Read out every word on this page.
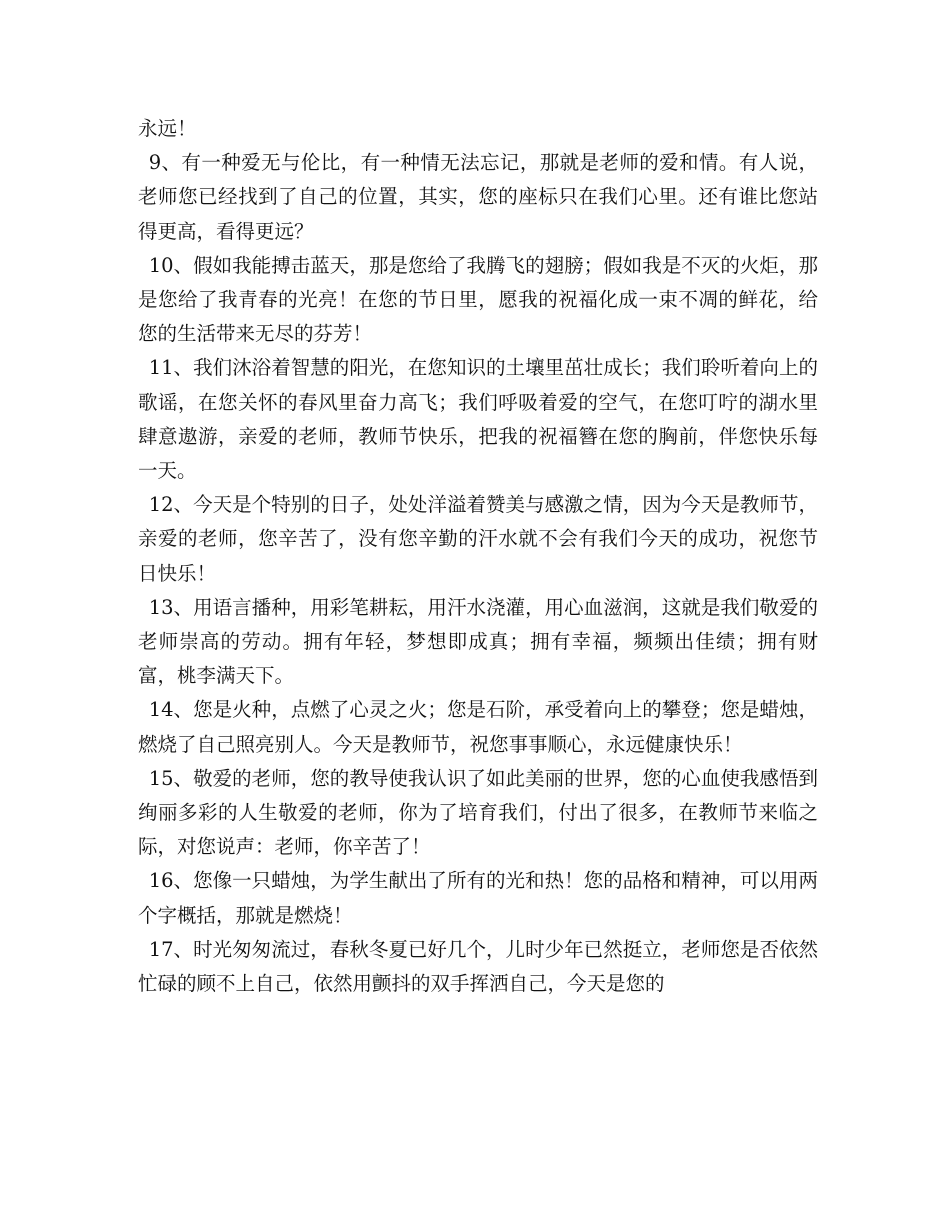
永远！

9、有一种爱无与伦比，有一种情无法忘记，那就是老师的爱和情。有人说，老师您已经找到了自己的位置，其实，您的座标只在我们心里。还有谁比您站得更高，看得更远？

10、假如我能搏击蓝天，那是您给了我腾飞的翅膀；假如我是不灭的火炬，那是您给了我青春的光亮！在您的节日里，愿我的祝福化成一束不凋的鲜花，给您的生活带来无尽的芬芳！

11、我们沐浴着智慧的阳光，在您知识的土壤里茁壮成长；我们聆听着向上的歌谣，在您关怀的春风里奋力高飞；我们呼吸着爱的空气，在您叮咛的湖水里肆意遨游，亲爱的老师，教师节快乐，把我的祝福簪在您的胸前，伴您快乐每一天。

12、今天是个特别的日子，处处洋溢着赞美与感激之情，因为今天是教师节，亲爱的老师，您辛苦了，没有您辛勤的汗水就不会有我们今天的成功，祝您节日快乐！

13、用语言播种，用彩笔耕耘，用汗水浇灌，用心血滋润，这就是我们敬爱的老师崇高的劳动。拥有年轻，梦想即成真；拥有幸福，频频出佳绩；拥有财富，桃李满天下。

14、您是火种，点燃了心灵之火；您是石阶，承受着向上的攀登；您是蜡烛，燃烧了自己照亮别人。今天是教师节，祝您事事顺心，永远健康快乐！

15、敬爱的老师，您的教导使我认识了如此美丽的世界，您的心血使我感悟到绚丽多彩的人生敬爱的老师，你为了培育我们，付出了很多，在教师节来临之际，对您说声：老师，你辛苦了！

16、您像一只蜡烛，为学生献出了所有的光和热！您的品格和精神，可以用两个字概括，那就是燃烧！

17、时光匆匆流过，春秋冬夏已好几个，儿时少年已然挺立，老师您是否依然忙碌的顾不上自己，依然用颤抖的双手挥洒自己，今天是您的
